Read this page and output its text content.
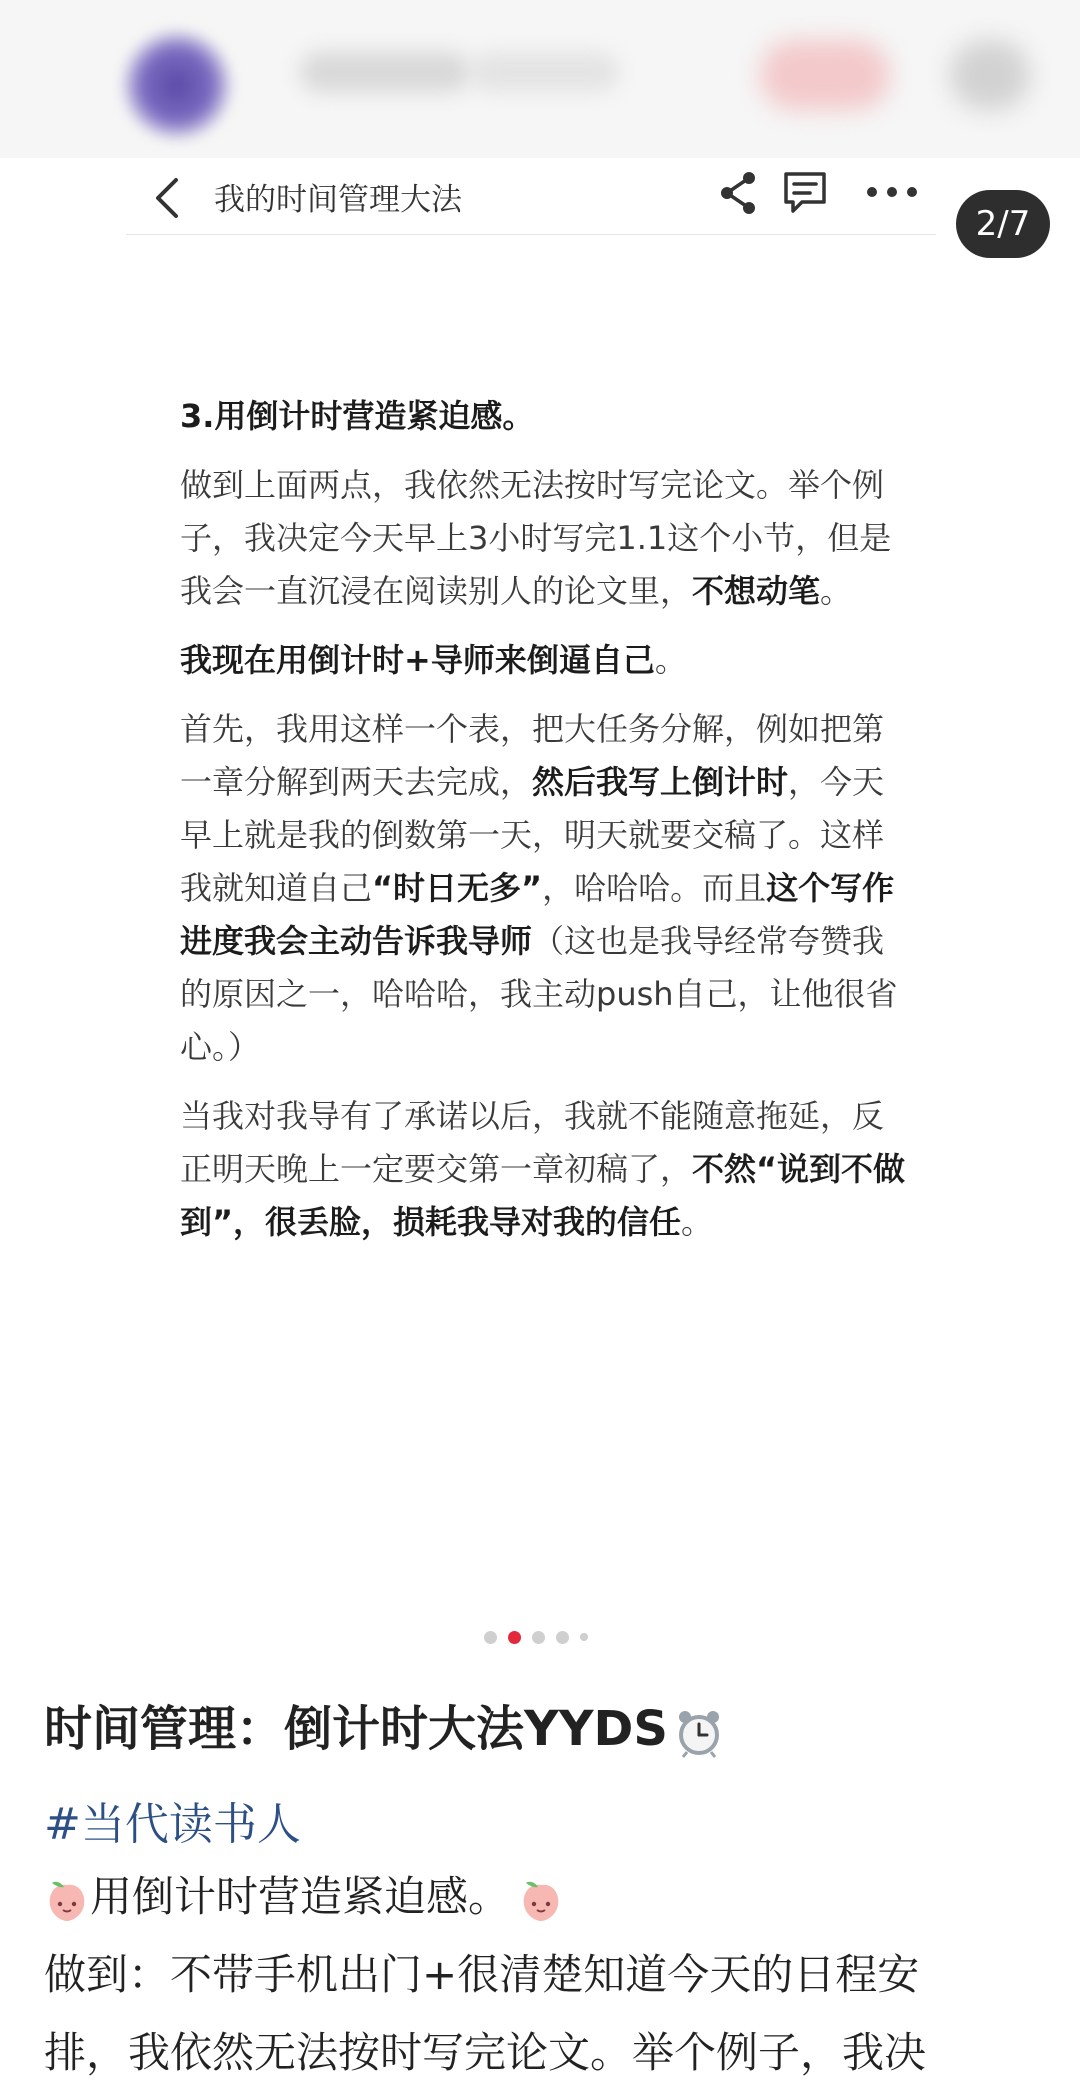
我的时间管理大法
2/7

3.用倒计时营造紧迫感。

做到上面两点，我依然无法按时写完论文。举个例子，我决定今天早上3小时写完1.1这个小节，但是我会一直沉浸在阅读别人的论文里，不想动笔。

我现在用倒计时+导师来倒逼自己。

首先，我用这样一个表，把大任务分解，例如把第一章分解到两天去完成，然后我写上倒计时，今天早上就是我的倒数第一天，明天就要交稿了。这样我就知道自己“时日无多”，哈哈哈。而且这个写作进度我会主动告诉我导师（这也是我导经常夸赞我的原因之一，哈哈哈，我主动push自己，让他很省心。）

当我对我导有了承诺以后，我就不能随意拖延，反正明天晚上一定要交第一章初稿了，不然“说到不做到”，很丢脸，损耗我导对我的信任。

时间管理：倒计时大法YYDS
#当代读书人
用倒计时营造紧迫感。
做到：不带手机出门+很清楚知道今天的日程安
排，我依然无法按时写完论文。举个例子，我决
